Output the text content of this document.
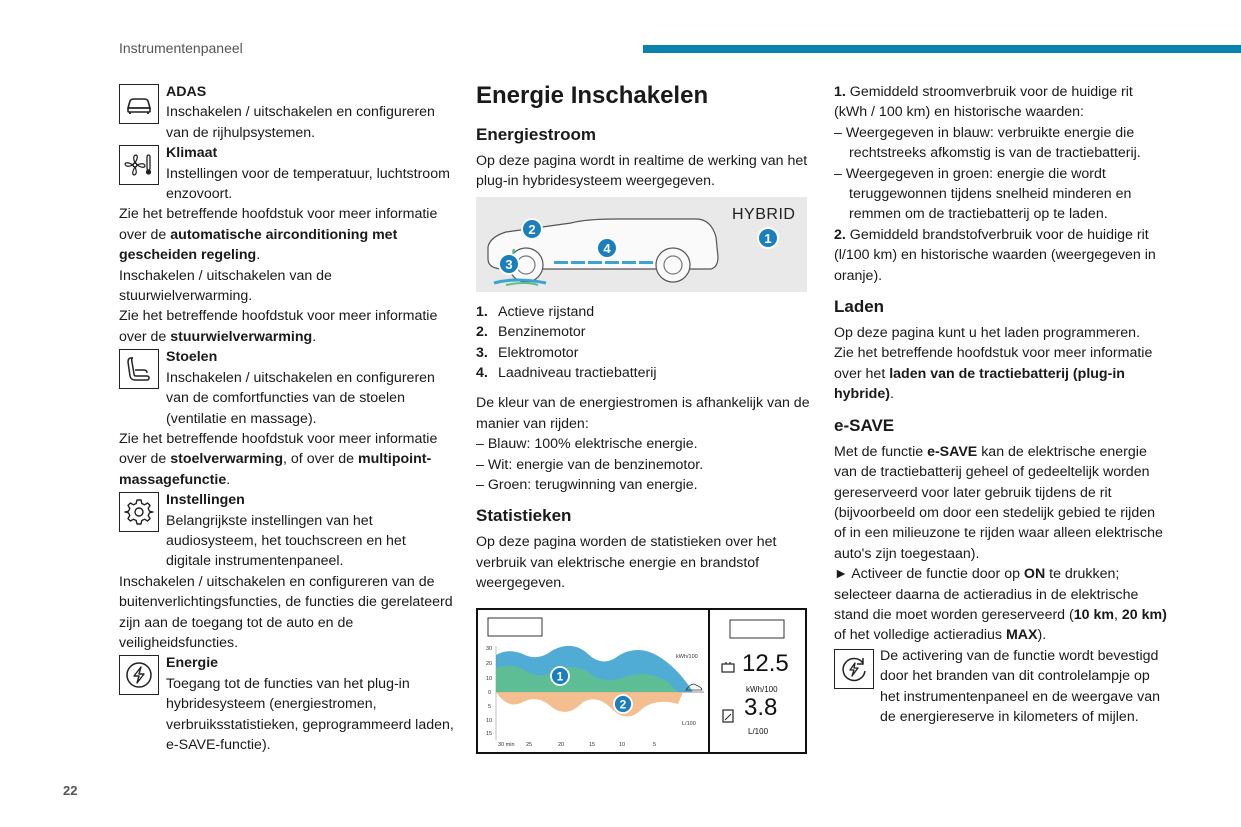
Instrumentenpaneel
ADAS
Inschakelen / uitschakelen en configureren van de rijhulpsystemen.
Klimaat
Instellingen voor de temperatuur, luchtstroom enzovoort.

Zie het betreffende hoofdstuk voor meer informatie over de automatische airconditioning met gescheiden regeling.

Inschakelen / uitschakelen van de stuurwielverwarming.

Zie het betreffende hoofdstuk voor meer informatie over de stuurwielverwarming.

Stoelen
Inschakelen / uitschakelen en configureren van de comfortfuncties van de stoelen (ventilatie en massage).

Zie het betreffende hoofdstuk voor meer informatie over de stoelverwarming, of over de multipoint-massagefunctie.

Instellingen
Belangrijkste instellingen van het audiosysteem, het touchscreen en het digitale instrumentenpaneel.

Inschakelen / uitschakelen en configureren van de buitenverlichtingsfuncties, de functies die gerelateerd zijn aan de toegang tot de auto en de veiligheidsfuncties.

Energie
Toegang tot de functies van het plug-in hybridesysteem (energiestromen, verbruiksstatistieken, geprogrammeerd laden, e-SAVE-functie).
Energie Inschakelen
Energiestroom

Op deze pagina wordt in realtime de werking van het plug-in hybridesysteem weergegeven.

2
4
3
1
HYBRID
1. Actieve rijstand
2. Benzinemotor
3. Elektromotor
4. Laadniveau tractiebatterij

De kleur van de energiestromen is afhankelijk van de manier van rijden:

– Blauw: 100% elektrische energie.

– Wit: energie van de benzinemotor.

– Groen: terugwinning van energie.

Statistieken

Op deze pagina worden de statistieken over het verbruik van elektrische energie en brandstof weergegeven.

30
20
10
0
5
10
15
30 min 25	20	15	10	5
kWh/100
L/100
1
2
12.5
kWh/100
3.8
L/100

1. Gemiddeld stroomverbruik voor de huidige rit (kWh / 100 km) en historische waarden:

– Weergegeven in blauw: verbruikte energie die rechtstreeks afkomstig is van de tractiebatterij.

– Weergegeven in groen: energie die wordt teruggewonnen tijdens snelheid minderen en remmen om de tractiebatterij op te laden.

2. Gemiddeld brandstofverbruik voor de huidige rit (l/100 km) en historische waarden (weergegeven in oranje).

Laden

Op deze pagina kunt u het laden programmeren.

Zie het betreffende hoofdstuk voor meer informatie over het laden van de tractiebatterij (plug-in hybride).

e-SAVE

Met de functie e-SAVE kan de elektrische energie van de tractiebatterij geheel of gedeeltelijk worden gereserveerd voor later gebruik tijdens de rit (bijvoorbeeld om door een stedelijk gebied te rijden of in een milieuzone te rijden waar alleen elektrische auto's zijn toegestaan).

► Activeer de functie door op ON te drukken; selecteer daarna de actieradius in de elektrische stand die moet worden gereserveerd (10 km, 20 km) of het volledige actieradius MAX).

De activering van de functie wordt bevestigd door het branden van dit controlelampje op het instrumentenpaneel en de weergave van de energiereserve in kilometers of mijlen.
22
